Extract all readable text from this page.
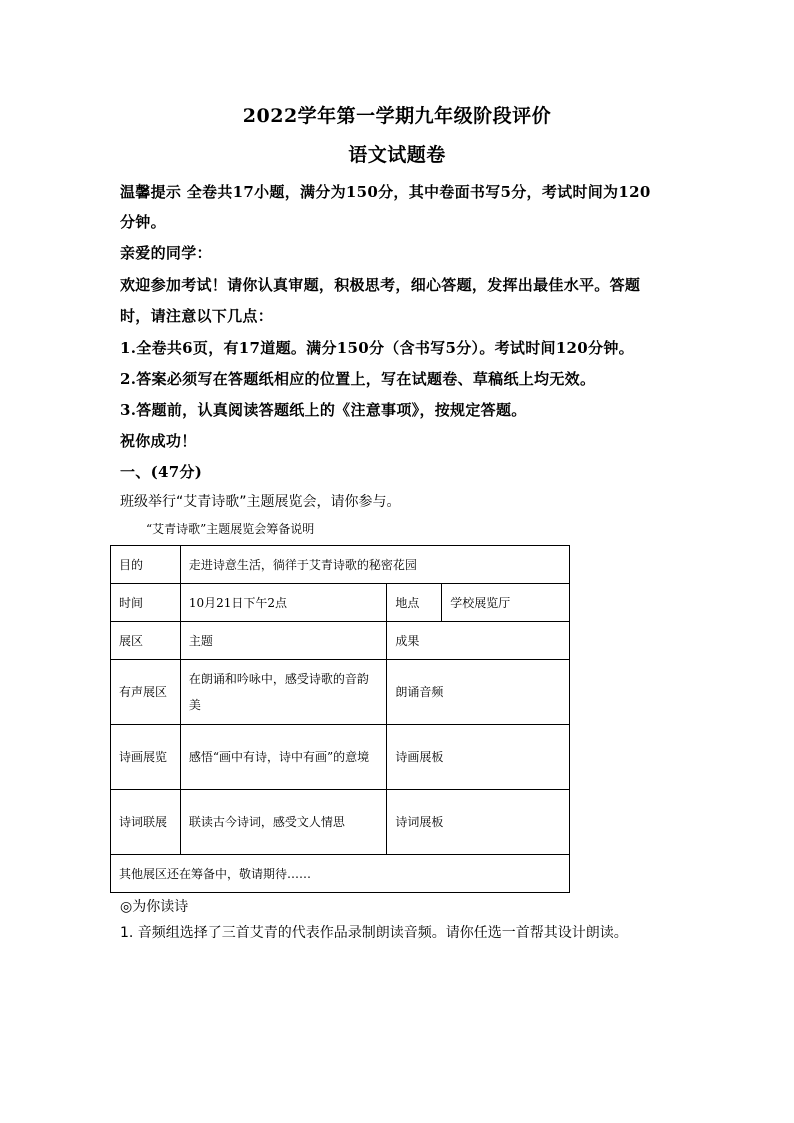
2022学年第一学期九年级阶段评价
语文试题卷
温馨提示 全卷共17小题，满分为150分，其中卷面书写5分，考试时间为120
分钟。
亲爱的同学：
欢迎参加考试！请你认真审题，积极思考，细心答题，发挥出最佳水平。答题
时，请注意以下几点：
1.全卷共6页，有17道题。满分150分（含书写5分）。考试时间120分钟。
2.答案必须写在答题纸相应的位置上，写在试题卷、草稿纸上均无效。
3.答题前，认真阅读答题纸上的《注意事项》，按规定答题。
祝你成功！
一、(47分)
班级举行“艾青诗歌”主题展览会，请你参与。
“艾青诗歌”主题展览会筹备说明
目的	走进诗意生活，徜徉于艾青诗歌的秘密花园		
时间	10月21日下午2点	地点	学校展览厅
展区	主题	成果	
有声展区	在朗诵和吟咏中，感受诗歌的音韵美	朗诵音频	
诗画展览	感悟“画中有诗，诗中有画”的意境	诗画展板	
诗词联展	联读古今诗词，感受文人情思	诗词展板	
其他展区还在筹备中，敬请期待……			
◎为你读诗
1. 音频组选择了三首艾青的代表作品录制朗读音频。请你任选一首帮其设计朗读。
